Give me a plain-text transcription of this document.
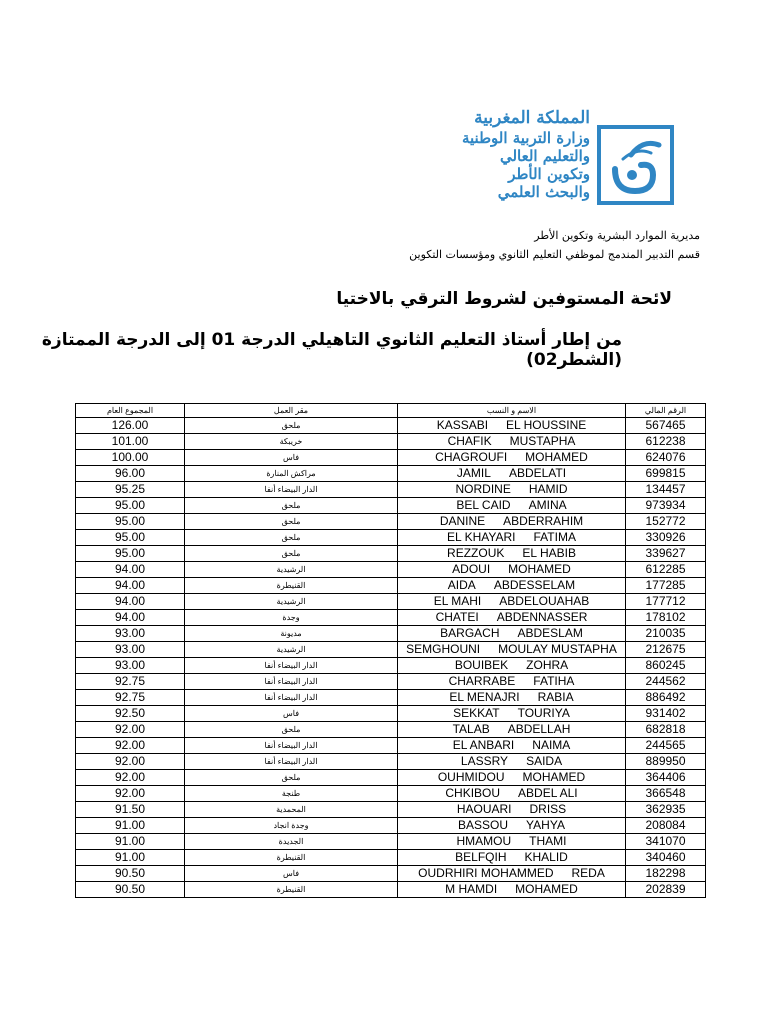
المملكة المغربية
وزارة التربية الوطنية
والتعليم العالي
وتكوين الأطر
والبحث العلمي
مديرية الموارد البشرية وتكوين الأطر
قسم التدبير المندمج لموظفي التعليم الثانوي ومؤسسات التكوين
لائحة المستوفين لشروط الترقي بالاختيا
من إطار أستاذ التعليم الثانوي التاهيلي الدرجة 01 إلى الدرجة الممتازة (الشطر02)
المجموع العام	مقر العمل	الاسم و النسب	الرقم المالي
126.00	ملحق	KASSABI EL HOUSSINE	567465
101.00	خريبكة	CHAFIK MUSTAPHA	612238
100.00	فاس	CHAGROUFI MOHAMED	624076
96.00	مراكش المنارة	JAMIL ABDELATI	699815
95.25	الدار البيضاء أنفا	NORDINE HAMID	134457
95.00	ملحق	BEL CAID AMINA	973934
95.00	ملحق	DANINE ABDERRAHIM	152772
95.00	ملحق	EL KHAYARI FATIMA	330926
95.00	ملحق	REZZOUK EL HABIB	339627
94.00	الرشيدية	ADOUI MOHAMED	612285
94.00	القنيطرة	AIDA ABDESSELAM	177285
94.00	الرشيدية	EL MAHI ABDELOUAHAB	177712
94.00	وجدة	CHATEI ABDENNASSER	178102
93.00	مديونة	BARGACH ABDESLAM	210035
93.00	الرشيدية	SEMGHOUNI MOULAY MUSTAPHA	212675
93.00	الدار البيضاء أنفا	BOUIBEK ZOHRA	860245
92.75	الدار البيضاء أنفا	CHARRABE FATIHA	244562
92.75	الدار البيضاء أنفا	EL MENAJRI RABIA	886492
92.50	فاس	SEKKAT TOURIYA	931402
92.00	ملحق	TALAB ABDELLAH	682818
92.00	الدار البيضاء أنفا	EL ANBARI NAIMA	244565
92.00	الدار البيضاء أنفا	LASSRY SAIDA	889950
92.00	ملحق	OUHMIDOU MOHAMED	364406
92.00	طنجة	CHKIBOU ABDEL ALI	366548
91.50	المحمدية	HAOUARI DRISS	362935
91.00	وجدة انجاد	BASSOU YAHYA	208084
91.00	الجديدة	HMAMOU THAMI	341070
91.00	القنيطرة	BELFQIH KHALID	340460
90.50	فاس	OUDRHIRI MOHAMMED REDA	182298
90.50	القنيطرة	M HAMDI MOHAMED	202839
